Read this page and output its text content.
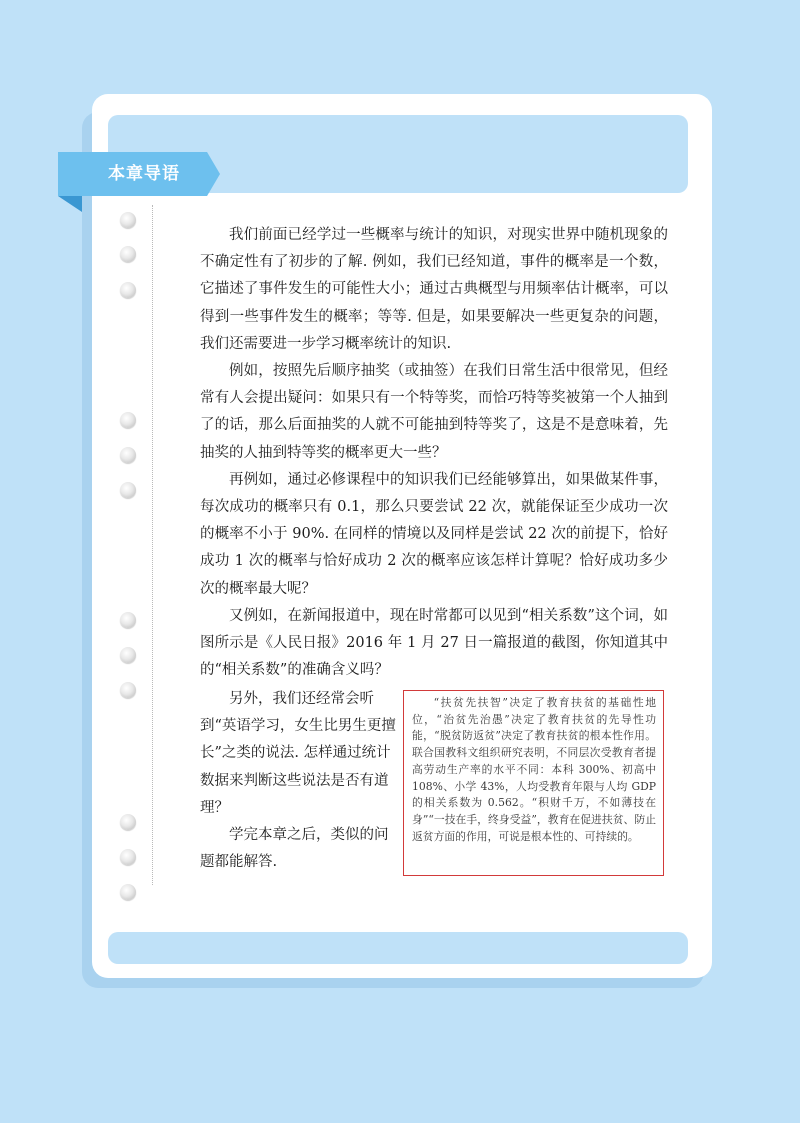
本章导语

我们前面已经学过一些概率与统计的知识，对现实世界中随机现象的不确定性有了初步的了解. 例如，我们已经知道，事件的概率是一个数，它描述了事件发生的可能性大小；通过古典概型与用频率估计概率，可以得到一些事件发生的概率；等等. 但是，如果要解决一些更复杂的问题，我们还需要进一步学习概率统计的知识.

例如，按照先后顺序抽奖（或抽签）在我们日常生活中很常见，但经常有人会提出疑问：如果只有一个特等奖，而恰巧特等奖被第一个人抽到了的话，那么后面抽奖的人就不可能抽到特等奖了，这是不是意味着，先抽奖的人抽到特等奖的概率更大一些？

再例如，通过必修课程中的知识我们已经能够算出，如果做某件事，每次成功的概率只有 0.1，那么只要尝试 22 次，就能保证至少成功一次的概率不小于 90%. 在同样的情境以及同样是尝试 22 次的前提下，恰好成功 1 次的概率与恰好成功 2 次的概率应该怎样计算呢？恰好成功多少次的概率最大呢？

又例如，在新闻报道中，现在时常都可以见到“相关系数”这个词，如图所示是《人民日报》2016 年 1 月 27 日一篇报道的截图，你知道其中的“相关系数”的准确含义吗？

另外，我们还经常会听到“英语学习，女生比男生更擅长”之类的说法. 怎样通过统计数据来判断这些说法是否有道理？

学完本章之后，类似的问题都能解答.

“扶贫先扶智”决定了教育扶贫的基础性地位，“治贫先治愚”决定了教育扶贫的先导性功能，“脱贫防返贫”决定了教育扶贫的根本性作用。联合国教科文组织研究表明，不同层次受教育者提高劳动生产率的水平不同：本科 300%、初高中 108%、小学 43%，人均受教育年限与人均 GDP 的相关系数为 0.562。“积财千万，不如薄技在身”“一技在手，终身受益”，教育在促进扶贫、防止返贫方面的作用，可说是根本性的、可持续的。
